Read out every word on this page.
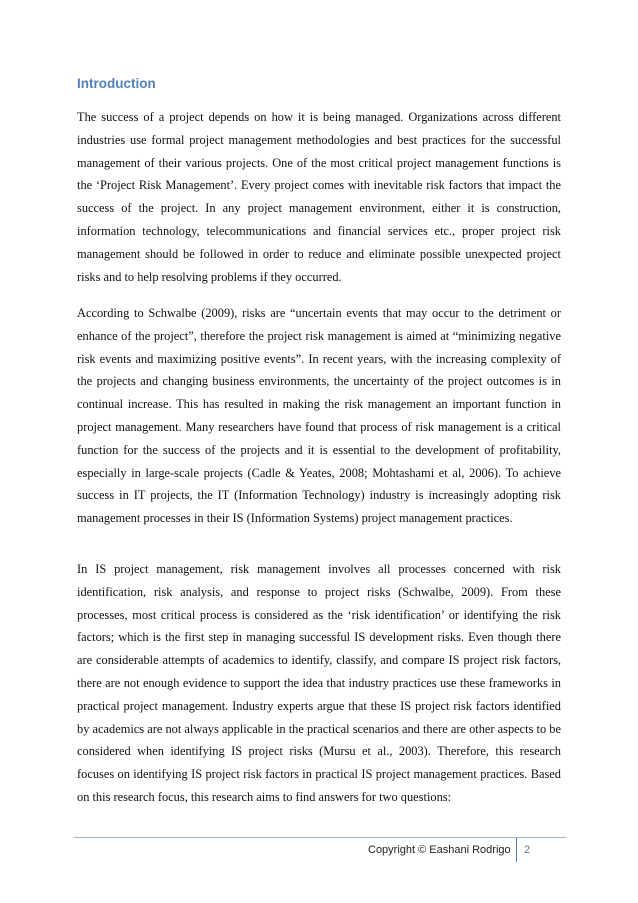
Introduction

The success of a project depends on how it is being managed. Organizations across different industries use formal project management methodologies and best practices for the successful management of their various projects. One of the most critical project management functions is the ‘Project Risk Management’. Every project comes with inevitable risk factors that impact the success of the project. In any project management environment, either it is construction, information technology, telecommunications and financial services etc., proper project risk management should be followed in order to reduce and eliminate possible unexpected project risks and to help resolving problems if they occurred.

According to Schwalbe (2009), risks are “uncertain events that may occur to the detriment or enhance of the project”, therefore the project risk management is aimed at “minimizing negative risk events and maximizing positive events”. In recent years, with the increasing complexity of the projects and changing business environments, the uncertainty of the project outcomes is in continual increase. This has resulted in making the risk management an important function in project management. Many researchers have found that process of risk management is a critical function for the success of the projects and it is essential to the development of profitability, especially in large-scale projects (Cadle & Yeates, 2008; Mohtashami et al, 2006). To achieve success in IT projects, the IT (Information Technology) industry is increasingly adopting risk management processes in their IS (Information Systems) project management practices.

In IS project management, risk management involves all processes concerned with risk identification, risk analysis, and response to project risks (Schwalbe, 2009). From these processes, most critical process is considered as the ‘risk identification’ or identifying the risk factors; which is the first step in managing successful IS development risks. Even though there are considerable attempts of academics to identify, classify, and compare IS project risk factors, there are not enough evidence to support the idea that industry practices use these frameworks in practical project management. Industry experts argue that these IS project risk factors identified by academics are not always applicable in the practical scenarios and there are other aspects to be considered when identifying IS project risks (Mursu et al., 2003). Therefore, this research focuses on identifying IS project risk factors in practical IS project management practices. Based on this research focus, this research aims to find answers for two questions:

Copyright © Eashani Rodrigo	2
